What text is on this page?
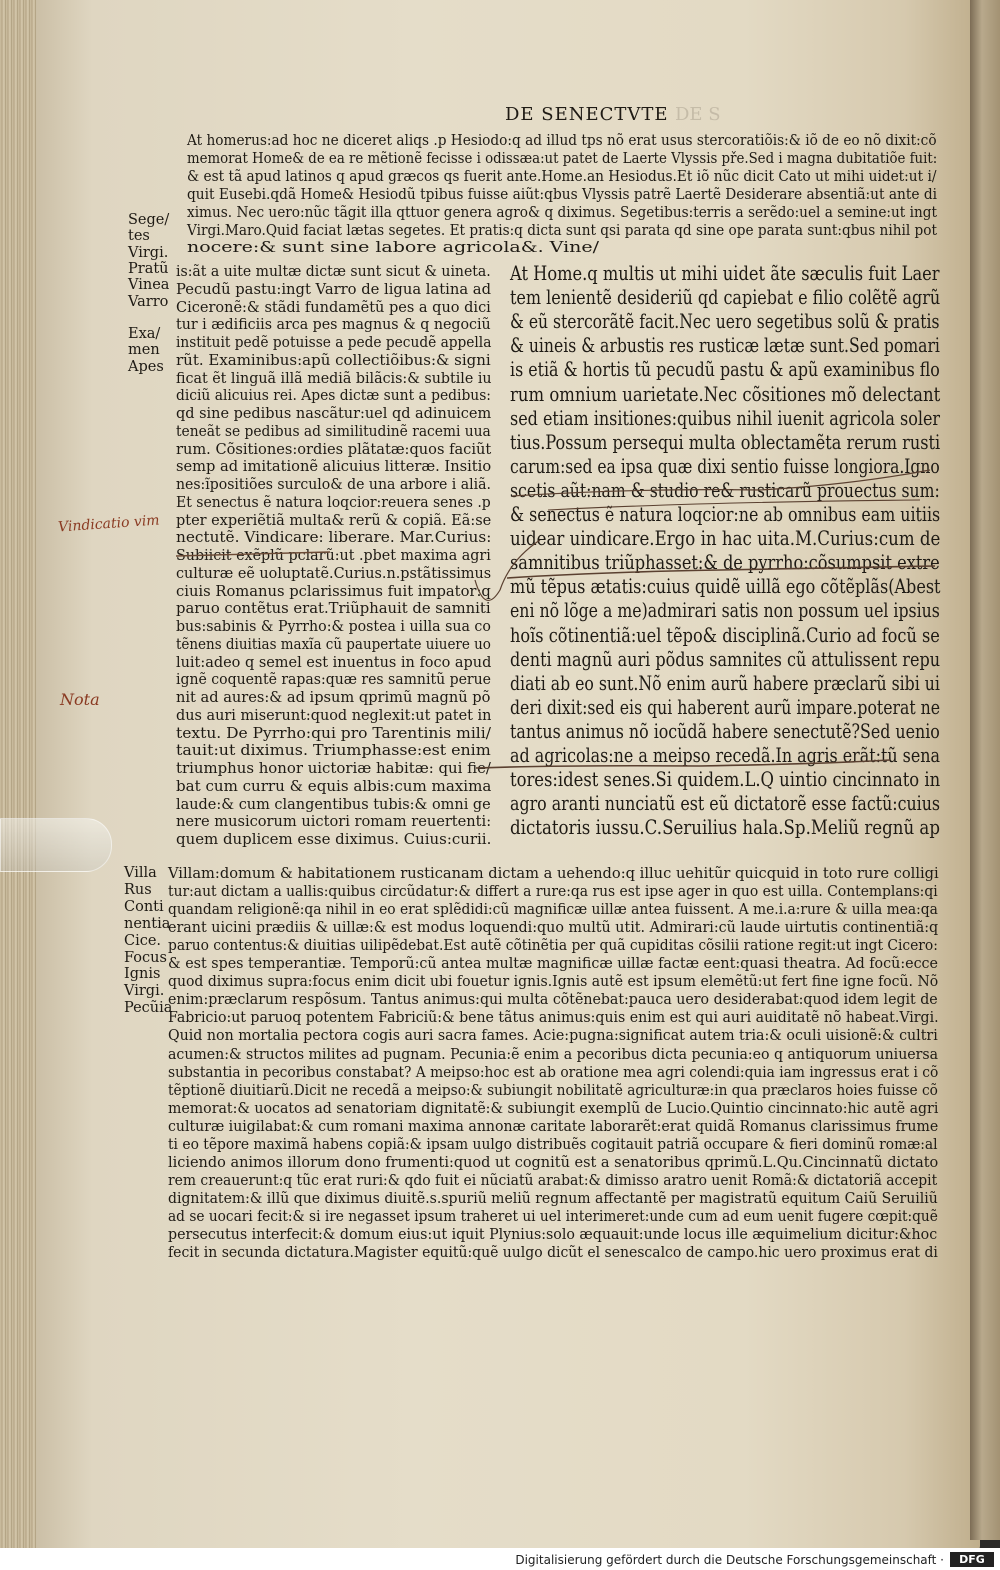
DE SENECTVTE DE S
At homerus:ad hoc ne diceret aliqs .p Hesiodo:q ad illud tps nõ erat usus stercoratiõis:& iõ de eo nõ dixit:cõ
memorat Home& de ea re mẽtionẽ fecisse i odissæa:ut patet de Laerte Vlyssis pře.Sed i magna dubitatiõe fuit:
& est tã apud latinos q apud græcos qs fuerit ante.Home.an Hesiodus.Et iõ nũc dicit Cato ut mihi uidet:ut i/
quit Eusebi.qdã Home& Hesiodũ tpibus fuisse aiũt:qbus Vlyssis patrẽ Laertẽ Desiderare absentiã:ut ante di
ximus. Nec uero:nũc tãgit illa qttuor genera agro& q diximus. Segetibus:terris a serẽdo:uel a semine:ut ingt
Virgi.Maro.Quid faciat lætas segetes. Et pratis:q dicta sunt qsi parata qd sine ope parata sunt:qbus nihil pot
nocere:& sunt sine labore agricola&. Vine/
Sege/
tes
Virgi.
Pratũ
Vinea
Varro
Exa/
men
Apes
is:ãt a uite multæ dictæ sunt sicut & uineta.
Pecudũ pastu:ingt Varro de ligua latina ad
Ciceronẽ:& stãdi fundamẽtũ pes a quo dici
tur i ædificiis arca pes magnus & q negociũ
instituit pedẽ potuisse a pede pecudẽ appella
rũt. Examinibus:apũ collectiõibus:& signi
ficat ẽt linguã illã mediã bilãcis:& subtile iu
diciũ alicuius rei. Apes dictæ sunt a pedibus:
qd sine pedibus nascãtur:uel qd adinuicem
teneãt se pedibus ad similitudinẽ racemi uua
rum. Cõsitiones:ordies plãtatæ:quos faciũt
semp ad imitationẽ alicuius litteræ. Insitio
nes:ĩpositiões surculo& de una arbore i aliã.
Et senectus ẽ natura loqcior:reuera senes .p
pter experiẽtiã multa& rerũ & copiã. Eã:se
nectutẽ. Vindicare: liberare. Mar.Curius:
Subiicit exẽplũ pclarũ:ut .pbet maxima agri
culturæ eẽ uoluptatẽ.Curius.n.pstãtissimus
ciuis Romanus pclarissimus fuit impator:q
paruo contẽtus erat.Triũphauit de samniti
bus:sabinis & Pyrrho:& postea i uilla sua co
tẽnens diuitias maxĩa cũ paupertate uiuere uo
luit:adeo q semel est inuentus in foco apud
ignẽ coquentẽ rapas:quæ res samnitũ perue
nit ad aures:& ad ipsum qprimũ magnũ põ
dus auri miserunt:quod neglexit:ut patet in
textu. De Pyrrho:qui pro Tarentinis mili/
tauit:ut diximus. Triumphasse:est enim
triumphus honor uictoriæ habitæ: qui fie/
bat cum curru & equis albis:cum maxima
laude:& cum clangentibus tubis:& omni ge
nere musicorum uictori romam reuertenti:
quem duplicem esse diximus. Cuius:curii.
At Home.q multis ut mihi uidet ãte sæculis fuit Laer
tem lenientẽ desideriũ qd capiebat e filio colẽtẽ agrũ
& eũ stercorãtẽ facit.Nec uero segetibus solũ & pratis
& uineis & arbustis res rusticæ lætæ sunt.Sed pomari
is etiã & hortis tũ pecudũ pastu & apũ examinibus flo
rum omnium uarietate.Nec cõsitiones mõ delectant
sed etiam insitiones:quibus nihil iuenit agricola soler
tius.Possum persequi multa oblectamẽta rerum rusti
carum:sed ea ipsa quæ dixi sentio fuisse longiora.Igno
scetis aũt:nam & studio re& rusticarũ prouectus sum:
& senectus ẽ natura loqcior:ne ab omnibus eam uitiis
uidear uindicare.Ergo in hac uita.M.Curius:cum de
samnitibus triũphasset:& de pyrrho:cõsumpsit extre
mũ tẽpus ætatis:cuius quidẽ uillã ego cõtẽplãs(Abest
eni nõ lõge a me)admirari satis non possum uel ipsius
hoĩs cõtinentiã:uel tẽpo& disciplinã.Curio ad focũ se
denti magnũ auri põdus samnites cũ attulissent repu
diati ab eo sunt.Nõ enim aurũ habere præclarũ sibi ui
deri dixit:sed eis qui haberent aurũ impare.poterat ne
tantus animus nõ iocũdã habere senectutẽ?Sed uenio
ad agricolas:ne a meipso recedã.In agris erãt:tũ sena
tores:idest senes.Si quidem.L.Q uintio cincinnato in
agro aranti nunciatũ est eũ dictatorẽ esse factũ:cuius
dictatoris iussu.C.Seruilius hala.Sp.Meliũ regnũ ap
Villa
Rus
Conti
nentia
Cice.
Focus
Ignis
Virgi.
Pecũia
Villam:domum & habitationem rusticanam dictam a uehendo:q illuc uehitũr quicquid in toto rure colligi
tur:aut dictam a uallis:quibus circũdatur:& differt a rure:qa rus est ipse ager in quo est uilla. Contemplans:qi
quandam religionẽ:qa nihil in eo erat splẽdidi:cũ magnificæ uillæ antea fuissent. A me.i.a:rure & uilla mea:qa
erant uicini prædiis & uillæ:& est modus loquendi:quo multũ utit. Admirari:cũ laude uirtutis continentiã:q
paruo contentus:& diuitias uilipẽdebat.Est autẽ cõtinẽtia per quã cupiditas cõsilii ratione regit:ut ingt Cicero:
& est spes temperantiæ. Temporũ:cũ antea multæ magnificæ uillæ factæ eent:quasi theatra. Ad focũ:ecce
quod diximus supra:focus enim dicit ubi fouetur ignis.Ignis autẽ est ipsum elemẽtũ:ut fert fine igne focũ. Nõ
enim:præclarum respõsum. Tantus animus:qui multa cõtẽnebat:pauca uero desiderabat:quod idem legit de
Fabricio:ut paruoq potentem Fabriciũ:& bene tãtus animus:quis enim est qui auri auiditatẽ nõ habeat.Virgi.
Quid non mortalia pectora cogis auri sacra fames. Acie:pugna:significat autem tria:& oculi uisionẽ:& cultri
acumen:& structos milites ad pugnam. Pecunia:ẽ enim a pecoribus dicta pecunia:eo q antiquorum uniuersa
substantia in pecoribus constabat? A meipso:hoc est ab oratione mea agri colendi:quia iam ingressus erat i cõ
tẽptionẽ diuitiarũ.Dicit ne recedã a meipso:& subiungit nobilitatẽ agriculturæ:in qua præclaros hoies fuisse cõ
memorat:& uocatos ad senatoriam dignitatẽ:& subiungit exemplũ de Lucio.Quintio cincinnato:hic autẽ agri
culturæ iuigilabat:& cum romani maxima annonæ caritate laborarẽt:erat quidã Romanus clarissimus frume
ti eo tẽpore maximã habens copiã:& ipsam uulgo distribuẽs cogitauit patriã occupare & fieri dominũ romæ:al
liciendo animos illorum dono frumenti:quod ut cognitũ est a senatoribus qprimũ.L.Qu.Cincinnatũ dictato
rem creauerunt:q tũc erat ruri:& qdo fuit ei nũciatũ arabat:& dimisso aratro uenit Romã:& dictatoriã accepit
dignitatem:& illũ que diximus diuitẽ.s.spuriũ meliũ regnum affectantẽ per magistratũ equitum Caiũ Seruiliũ
ad se uocari fecit:& si ire negasset ipsum traheret ui uel interimeret:unde cum ad eum uenit fugere cœpit:quẽ
persecutus interfecit:& domum eius:ut iquit Plynius:solo æquauit:unde locus ille æquimelium dicitur:&hoc
fecit in secunda dictatura.Magister equitũ:quẽ uulgo dicũt el senescalco de campo.hic uero proximus erat di
Vindicatio vim
Nota
Digitalisierung gefördert durch die Deutsche Forschungsgemeinschaft ·	DFG
